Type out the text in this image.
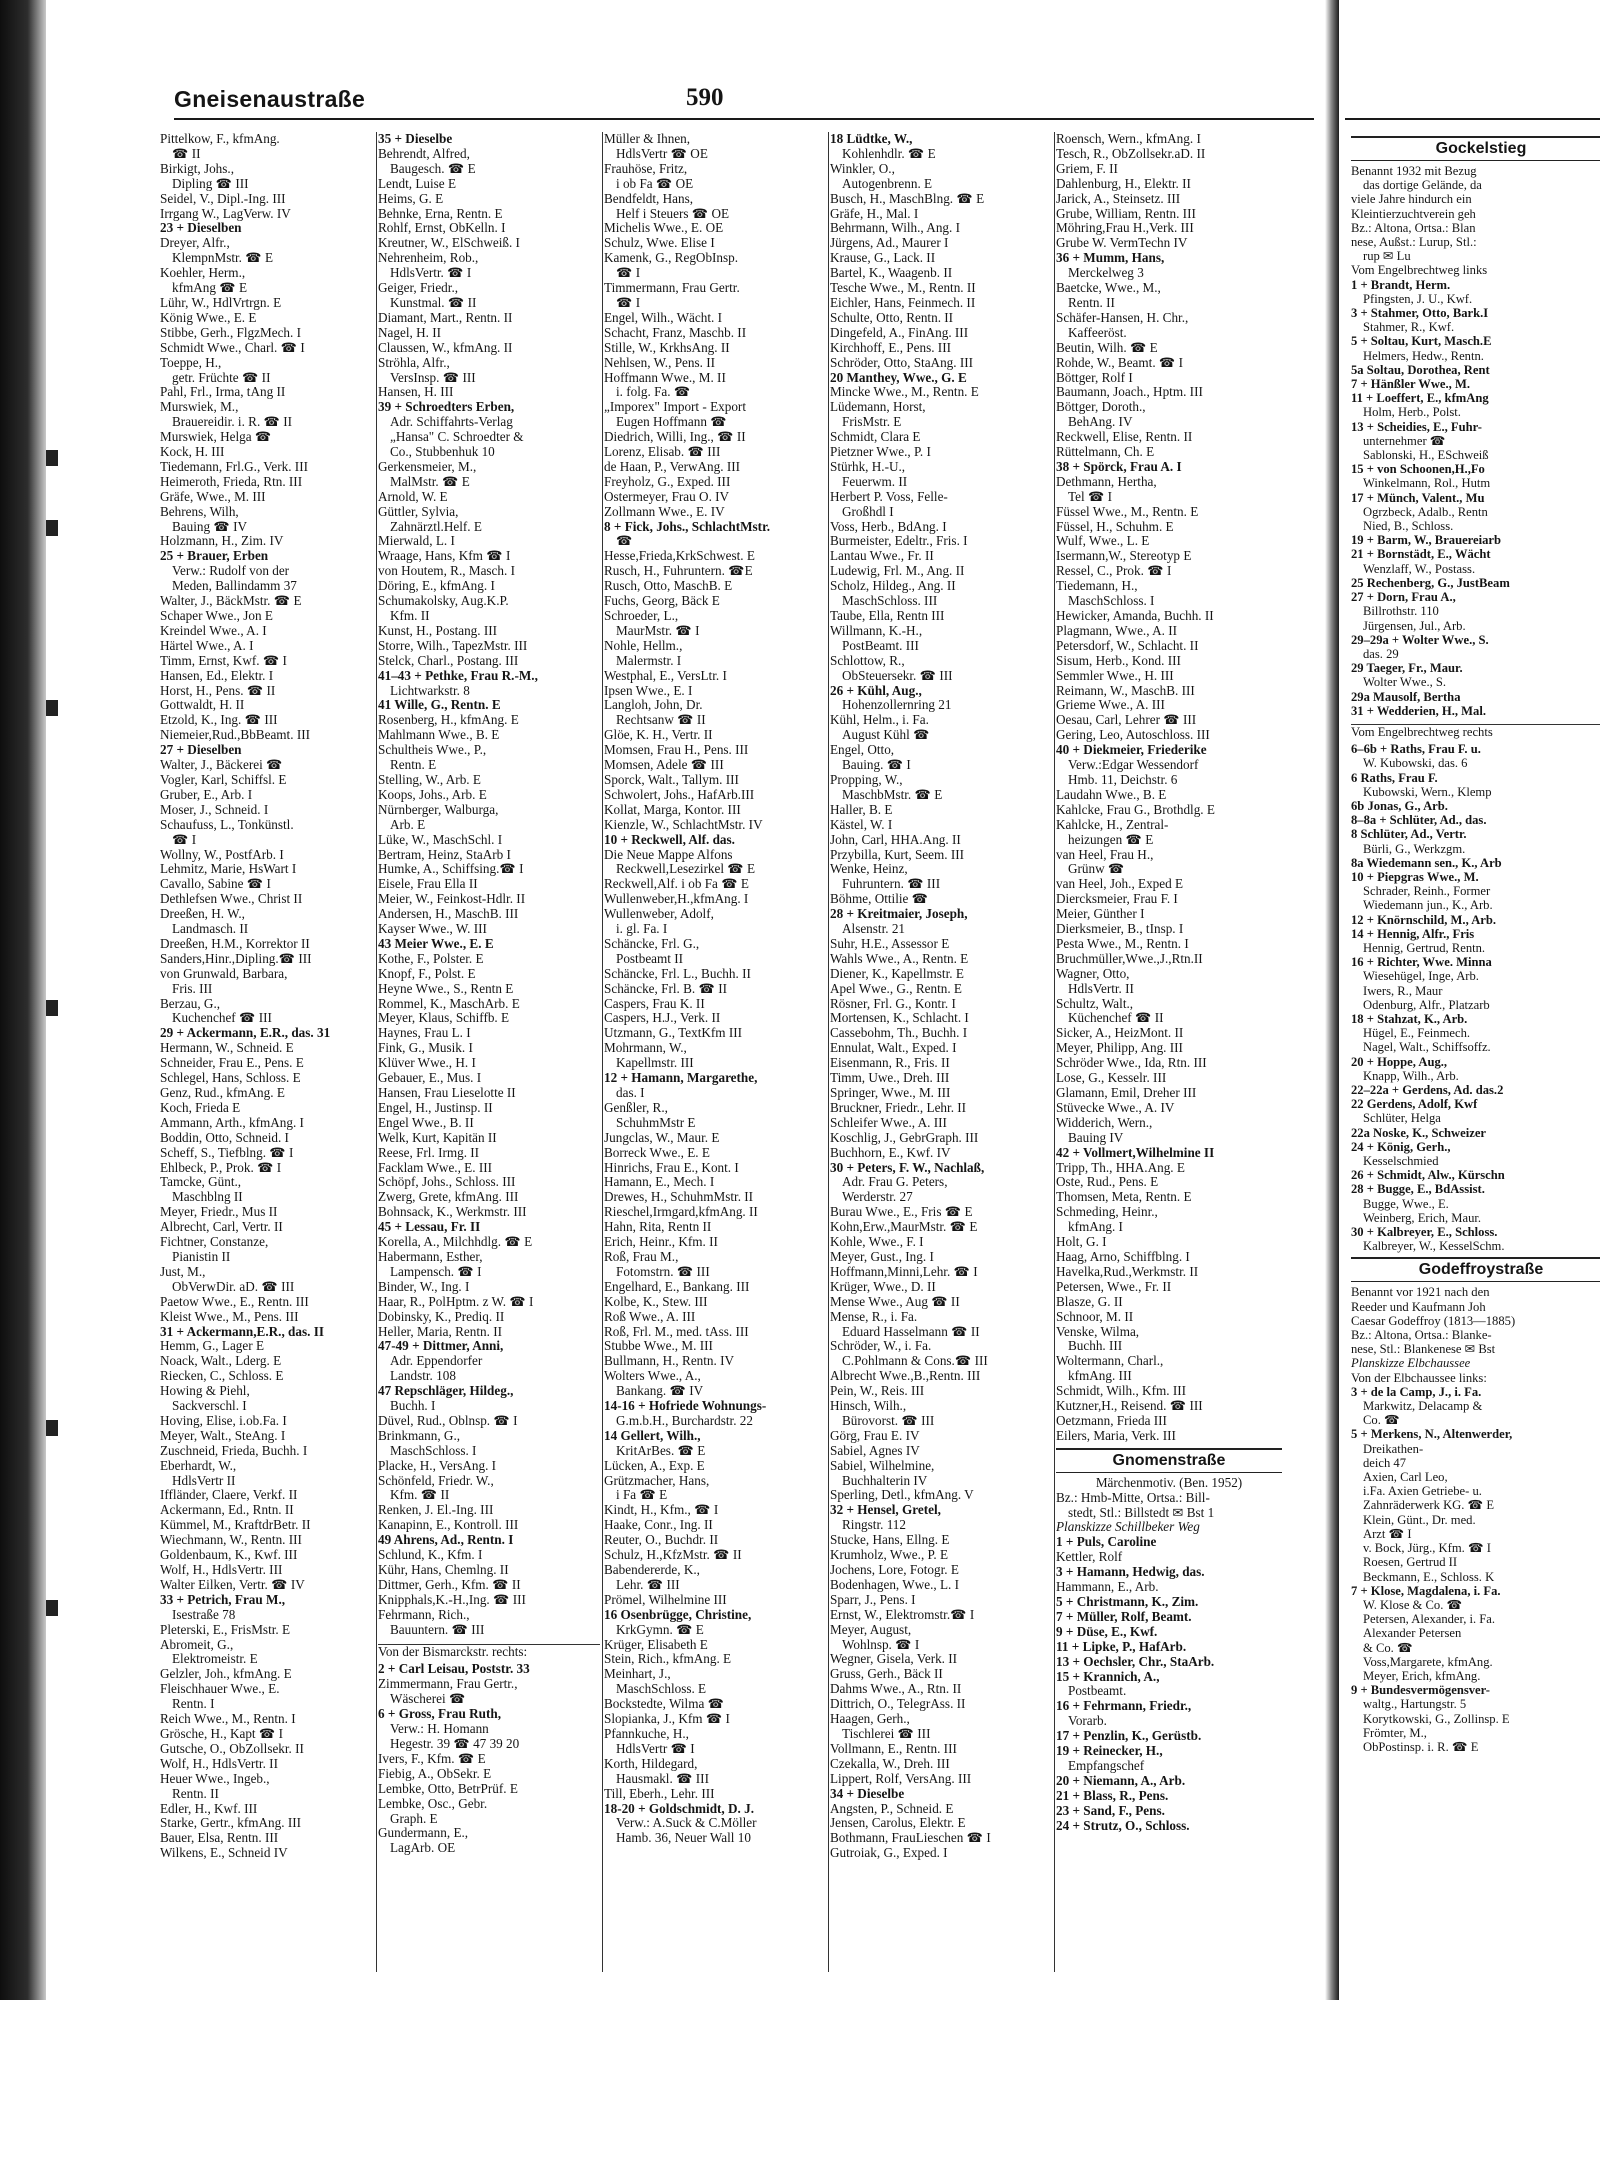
Gneisenaustraße	590
Pittelkow, F., kfmAng.
☎ II
Birkigt, Johs.,
Dipling ☎ III
Seidel, V., Dipl.-Ing. III
Irrgang W., LagVerw. IV
23 + Dieselben
Dreyer, Alfr.,
KlempnMstr. ☎ E
Koehler, Herm.,
kfmAng ☎ E
Lühr, W., HdlVrtrgn. E
König Wwe., E. E
Stibbe, Gerh., FlgzMech. I
Schmidt Wwe., Charl. ☎ I
Toeppe, H.,
getr. Früchte ☎ II
Pahl, Frl., Irma, tAng II
Murswiek, M.,
Brauereidir. i. R. ☎ II
Murswiek, Helga ☎
Kock, H. III
Tiedemann, Frl.G., Verk. III
Heimeroth, Frieda, Rtn. III
Gräfe, Wwe., M. III
Behrens, Wilh,
Bauing ☎ IV
Holzmann, H., Zim. IV
25 + Brauer, Erben
Verw.: Rudolf von der
Meden, Ballindamm 37
Walter, J., BäckMstr. ☎ E
Schaper Wwe., Jon E
Kreindel Wwe., A. I
Härtel Wwe., A. I
Timm, Ernst, Kwf. ☎ I
Hansen, Ed., Elektr. I
Horst, H., Pens. ☎ II
Gottwaldt, H. II
Etzold, K., Ing. ☎ III
Niemeier,Rud.,BbBeamt. III
27 + Dieselben
Walter, J., Bäckerei ☎
Vogler, Karl, Schiffsl. E
Gruber, E., Arb. I
Moser, J., Schneid. I
Schaufuss, L., Tonkünstl.
☎ I
Wollny, W., PostfArb. I
Lehmitz, Marie, HsWart I
Cavallo, Sabine ☎ I
Dethlefsen Wwe., Christ II
Dreeßen, H. W.,
Landmasch. II
Dreeßen, H.M., Korrektor II
Sanders,Hinr.,Dipling.☎ III
von Grunwald, Barbara,
Fris. III
Berzau, G.,
Kuchenchef ☎ III
29 + Ackermann, E.R., das. 31
Hermann, W., Schneid. E
Schneider, Frau E., Pens. E
Schlegel, Hans, Schloss. E
Genz, Rud., kfmAng. E
Koch, Frieda E
Ammann, Arth., kfmAng. I
Boddin, Otto, Schneid. I
Scheff, S., Tiefblng. ☎ I
Ehlbeck, P., Prok. ☎ I
Tamcke, Günt.,
Maschblng II
Meyer, Friedr., Mus II
Albrecht, Carl, Vertr. II
Fichtner, Constanze,
Pianistin II
Just, M.,
ObVerwDir. aD. ☎ III
Paetow Wwe., E., Rentn. III
Kleist Wwe., M., Pens. III
31 + Ackermann,E.R., das. II
Hemm, G., Lager E
Noack, Walt., Lderg. E
Riecken, C., Schloss. E
Howing & Piehl,
Sackverschl. I
Hoving, Elise, i.ob.Fa. I
Meyer, Walt., SteAng. I
Zuschneid, Frieda, Buchh. I
Eberhardt, W.,
HdlsVertr II
Iffländer, Claere, Verkf. II
Ackermann, Ed., Rntn. II
Kümmel, M., KraftdrBetr. II
Wiechmann, W., Rentn. III
Goldenbaum, K., Kwf. III
Wolf, H., HdlsVertr. III
Walter Eilken, Vertr. ☎ IV
33 + Petrich, Frau M.,
Isestraße 78
Pleterski, E., FrisMstr. E
Abromeit, G.,
Elektromeistr. E
Gelzler, Joh., kfmAng. E
Fleischhauer Wwe., E.
Rentn. I
Reich Wwe., M., Rentn. I
Grösche, H., Kapt ☎ I
Gutsche, O., ObZollsekr. II
Wolf, H., HdlsVertr. II
Heuer Wwe., Ingeb.,
Rentn. II
Edler, H., Kwf. III
Starke, Gertr., kfmAng. III
Bauer, Elsa, Rentn. III
Wilkens, E., Schneid IV
35 + Dieselbe
Behrendt, Alfred,
Baugesch. ☎ E
Lendt, Luise E
Heims, G. E
Behnke, Erna, Rentn. E
Rohlf, Ernst, ObKelln. I
Kreutner, W., ElSchweiß. I
Nehrenheim, Rob.,
HdlsVertr. ☎ I
Geiger, Friedr.,
Kunstmal. ☎ II
Diamant, Mart., Rentn. II
Nagel, H. II
Claussen, W., kfmAng. II
Ströhla, Alfr.,
VersInsp. ☎ III
Hansen, H. III
39 + Schroedters Erben,
Adr. Schiffahrts-Verlag
„Hansa" C. Schroedter &
Co., Stubbenhuk 10
Gerkensmeier, M.,
MalMstr. ☎ E
Arnold, W. E
Güttler, Sylvia,
Zahnärztl.Helf. E
Mierwald, L. I
Wraage, Hans, Kfm ☎ I
von Houtem, R., Masch. I
Döring, E., kfmAng. I
Schumakolsky, Aug.K.P.
Kfm. II
Kunst, H., Postang. III
Storre, Wilh., TapezMstr. III
Stelck, Charl., Postang. III
41–43 + Pethke, Frau R.-M.,
Lichtwarkstr. 8
41 Wille, G., Rentn. E
Rosenberg, H., kfmAng. E
Mahlmann Wwe., B. E
Schultheis Wwe., P.,
Rentn. E
Stelling, W., Arb. E
Koops, Johs., Arb. E
Nürnberger, Walburga,
Arb. E
Lüke, W., MaschSchl. I
Bertram, Heinz, StaArb I
Humke, A., Schiffsing.☎ I
Eisele, Frau Ella II
Meier, W., Feinkost-Hdlr. II
Andersen, H., MaschB. III
Kayser Wwe., W. III
43 Meier Wwe., E. E
Kothe, F., Polster. E
Knopf, F., Polst. E
Heyne Wwe., S., Rentn E
Rommel, K., MaschArb. E
Meyer, Klaus, Schiffb. E
Haynes, Frau L. I
Fink, G., Musik. I
Klüver Wwe., H. I
Gebauer, E., Mus. I
Hansen, Frau Lieselotte II
Engel, H., Justinsp. II
Engel Wwe., B. II
Welk, Kurt, Kapitän II
Reese, Frl. Irmg. II
Facklam Wwe., E. III
Schöpf, Johs., Schloss. III
Zwerg, Grete, kfmAng. III
Bohnsack, K., Werkmstr. III
45 + Lessau, Fr. II
Korella, A., Milchhdlg. ☎ E
Habermann, Esther,
Lampensch. ☎ I
Binder, W., Ing. I
Haar, R., PolHptm. z W. ☎ I
Dobinsky, K., Prediq. II
Heller, Maria, Rentn. II
47-49 + Dittmer, Anni,
Adr. Eppendorfer
Landstr. 108
47 Repschläger, Hildeg.,
Buchh. I
Düvel, Rud., Oblnsp. ☎ I
Brinkmann, G.,
MaschSchloss. I
Placke, H., VersAng. I
Schönfeld, Friedr. W.,
Kfm. ☎ II
Renken, J. El.-Ing. III
Kanapinn, E., Kontroll. III
49 Ahrens, Ad., Rentn. I
Schlund, K., Kfm. I
Kühr, Hans, Chemlng. II
Dittmer, Gerh., Kfm. ☎ II
Knipphals,K.-H.,Ing. ☎ III
Fehrmann, Rich.,
Bauuntern. ☎ III
Von der Bismarckstr. rechts:
2 + Carl Leisau, Poststr. 33
Zimmermann, Frau Gertr.,
Wäscherei ☎
6 + Gross, Frau Ruth,
Verw.: H. Homann
Hegestr. 39 ☎ 47 39 20
Ivers, F., Kfm. ☎ E
Fiebig, A., ObSekr. E
Lembke, Otto, BetrPrüf. E
Lembke, Osc., Gebr.
Graph. E
Gundermann, E.,
LagArb. OE
Müller & Ihnen,
HdlsVertr ☎ OE
Frauhöse, Fritz,
i ob Fa ☎ OE
Bendfeldt, Hans,
Helf i Steuers ☎ OE
Michelis Wwe., E. OE
Schulz, Wwe. Elise I
Kamenk, G., RegObInsp.
☎ I
Timmermann, Frau Gertr.
☎ I
Engel, Wilh., Wächt. I
Schacht, Franz, Maschb. II
Stille, W., KrkhsAng. II
Nehlsen, W., Pens. II
Hoffmann Wwe., M. II
i. folg. Fa. ☎
„Imporex" Import - Export
Eugen Hoffmann ☎
Diedrich, Willi, Ing., ☎ II
Lorenz, Elisab. ☎ III
de Haan, P., VerwAng. III
Freyholz, G., Exped. III
Ostermeyer, Frau O. IV
Zollmann Wwe., E. IV
8 + Fick, Johs., SchlachtMstr.
☎
Hesse,Frieda,KrkSchwest. E
Rusch, H., Fuhruntern. ☎E
Rusch, Otto, MaschB. E
Fuchs, Georg, Bäck E
Schroeder, L.,
MaurMstr. ☎ I
Nohle, Hellm.,
Malermstr. I
Westphal, E., VersLtr. I
Ipsen Wwe., E. I
Langloh, John, Dr.
Rechtsanw ☎ II
Glöe, K. H., Vertr. II
Momsen, Frau H., Pens. III
Momsen, Adele ☎ III
Sporck, Walt., Tallym. III
Schwolert, Johs., HafArb.III
Kollat, Marga, Kontor. III
Kienzle, W., SchlachtMstr. IV
10 + Reckwell, Alf. das.
Die Neue Mappe Alfons
Reckwell,Lesezirkel ☎ E
Reckwell,Alf. i ob Fa ☎ E
Wullenweber,H.,kfmAng. I
Wullenweber, Adolf,
i. gl. Fa. I
Schäncke, Frl. G.,
Postbeamt II
Schäncke, Frl. L., Buchh. II
Schäncke, Frl. B. ☎ II
Caspers, Frau K. II
Caspers, H.J., Verk. II
Utzmann, G., TextKfm III
Mohrmann, W.,
Kapellmstr. III
12 + Hamann, Margarethe,
das. I
Genßler, R.,
SchuhmMstr E
Jungclas, W., Maur. E
Borreck Wwe., E. E
Hinrichs, Frau E., Kont. I
Hamann, E., Mech. I
Drewes, H., SchuhmMstr. II
Rieschel,Irmgard,kfmAng. II
Hahn, Rita, Rentn II
Erich, Heinr., Kfm. II
Roß, Frau M.,
Fotomstrn. ☎ III
Engelhard, E., Bankang. III
Kolbe, K., Stew. III
Roß Wwe., A. III
Roß, Frl. M., med. tAss. III
Stubbe Wwe., M. III
Bullmann, H., Rentn. IV
Wolters Wwe., A.,
Bankang. ☎ IV
14-16 + Hofriede Wohnungs-
G.m.b.H., Burchardstr. 22
14 Gellert, Wilh.,
KritArBes. ☎ E
Lücken, A., Exp. E
Grützmacher, Hans,
i Fa ☎ E
Kindt, H., Kfm., ☎ I
Haake, Conr., Ing. II
Reuter, O., Buchdr. II
Schulz, H.,KfzMstr. ☎ II
Babendererde, K.,
Lehr. ☎ III
Prömel, Wilhelmine III
16 Osenbrügge, Christine,
KrkGymn. ☎ E
Krüger, Elisabeth E
Stein, Rich., kfmAng. E
Meinhart, J.,
MaschSchloss. E
Bockstedte, Wilma ☎
Slopianka, J., Kfm ☎ I
Pfannkuche, H.,
HdlsVertr ☎ I
Korth, Hildegard,
Hausmakl. ☎ III
Till, Eberh., Lehr. III
18-20 + Goldschmidt, D. J.
Verw.: A.Suck & C.Möller
Hamb. 36, Neuer Wall 10
18 Lüdtke, W.,
Kohlenhdlr. ☎ E
Winkler, O.,
Autogenbrenn. E
Busch, H., MaschBlng. ☎ E
Gräfe, H., Mal. I
Behrmann, Wilh., Ang. I
Jürgens, Ad., Maurer I
Krause, G., Lack. II
Bartel, K., Waagenb. II
Tesche Wwe., M., Rentn. II
Eichler, Hans, Feinmech. II
Schulte, Otto, Rentn. II
Dingefeld, A., FinAng. III
Kirchhoff, E., Pens. III
Schröder, Otto, StaAng. III
20 Manthey, Wwe., G. E
Mincke Wwe., M., Rentn. E
Lüdemann, Horst,
FrisMstr. E
Schmidt, Clara E
Pietzner Wwe., P. I
Stürhk, H.-U.,
Feuerwm. II
Herbert P. Voss, Felle-
Großhdl I
Voss, Herb., BdAng. I
Burmeister, Edeltr., Fris. I
Lantau Wwe., Fr. II
Ludewig, Frl. M., Ang. II
Scholz, Hildeg., Ang. II
MaschSchloss. III
Taube, Ella, Rentn III
Willmann, K.-H.,
PostBeamt. III
Schlottow, R.,
ObSteuersekr. ☎ III
26 + Kühl, Aug.,
Hohenzollernring 21
Kühl, Helm., i. Fa.
August Kühl ☎
Engel, Otto,
Bauing. ☎ I
Propping, W.,
MaschbMstr. ☎ E
Haller, B. E
Kästel, W. I
John, Carl, HHA.Ang. II
Przybilla, Kurt, Seem. III
Wenke, Heinz,
Fuhruntern. ☎ III
Böhme, Ottilie ☎
28 + Kreitmaier, Joseph,
Alsenstr. 21
Suhr, H.E., Assessor E
Wahls Wwe., A., Rentn. E
Diener, K., Kapellmstr. E
Apel Wwe., G., Rentn. E
Rösner, Frl. G., Kontr. I
Mortensen, K., Schlacht. I
Cassebohm, Th., Buchh. I
Ennulat, Walt., Exped. I
Eisenmann, R., Fris. II
Timm, Uwe., Dreh. III
Springer, Wwe., M. III
Bruckner, Friedr., Lehr. II
Schleifer Wwe., A. III
Koschlig, J., GebrGraph. III
Buchhorn, E., Kwf. IV
30 + Peters, F. W., Nachlaß,
Adr. Frau G. Peters,
Werderstr. 27
Burau Wwe., E., Fris ☎ E
Kohn,Erw.,MaurMstr. ☎ E
Kohle, Wwe., F. I
Meyer, Gust., Ing. I
Hoffmann,Minni,Lehr. ☎ I
Krüger, Wwe., D. II
Mense Wwe., Aug ☎ II
Mense, R., i. Fa.
Eduard Hasselmann ☎ II
Schröder, W., i. Fa.
C.Pohlmann & Cons.☎ III
Albrecht Wwe.,B.,Rentn. III
Pein, W., Reis. III
Hinsch, Wilh.,
Bürovorst. ☎ III
Görg, Frau E. IV
Sabiel, Agnes IV
Sabiel, Wilhelmine,
Buchhalterin IV
Sperling, Detl., kfmAng. V
32 + Hensel, Gretel,
Ringstr. 112
Stucke, Hans, Ellng. E
Krumholz, Wwe., P. E
Jochens, Lore, Fotogr. E
Bodenhagen, Wwe., L. I
Sparr, J., Pens. I
Ernst, W., Elektromstr.☎ I
Meyer, August,
Wohlnsp. ☎ I
Wegner, Gisela, Verk. II
Gruss, Gerh., Bäck II
Dahms Wwe., A., Rtn. II
Dittrich, O., TelegrAss. II
Haagen, Gerh.,
Tischlerei ☎ III
Vollmann, E., Rentn. III
Czekalla, W., Dreh. III
Lippert, Rolf, VersAng. III
34 + Dieselbe
Angsten, P., Schneid. E
Jensen, Carolus, Elektr. E
Bothmann, FrauLieschen ☎ I
Gutroiak, G., Exped. I
Roensch, Wern., kfmAng. I
Tesch, R., ObZollsekr.aD. II
Griem, F. II
Dahlenburg, H., Elektr. II
Jarick, A., Steinsetz. III
Grube, William, Rentn. III
Möhring,Frau H.,Verk. III
Grube W. VermTechn IV
36 + Mumm, Hans,
Merckelweg 3
Baetcke, Wwe., M.,
Rentn. II
Schäfer-Hansen, H. Chr.,
Kaffeeröst.
Beutin, Wilh. ☎ E
Rohde, W., Beamt. ☎ I
Böttger, Rolf I
Baumann, Joach., Hptm. III
Böttger, Doroth.,
BehAng. IV
Reckwell, Elise, Rentn. II
Rüttelmann, Ch. E
38 + Spörck, Frau A. I
Dethmann, Hertha,
Tel ☎ I
Füssel Wwe., M., Rentn. E
Füssel, H., Schuhm. E
Wulf, Wwe., L. E
Isermann,W., Stereotyp E
Ressel, C., Prok. ☎ I
Tiedemann, H.,
MaschSchloss. I
Hewicker, Amanda, Buchh. II
Plagmann, Wwe., A. II
Petersdorf, W., Schlacht. II
Sisum, Herb., Kond. III
Semmler Wwe., H. III
Reimann, W., MaschB. III
Grieme Wwe., A. III
Oesau, Carl, Lehrer ☎ III
Gering, Leo, Autoschloss. III
40 + Diekmeier, Friederike
Verw.:Edgar Wessendorf
Hmb. 11, Deichstr. 6
Laudahn Wwe., B. E
Kahlcke, Frau G., Brothdlg. E
Kahlcke, H., Zentral-
heizungen ☎ E
van Heel, Frau H.,
Grünw ☎
van Heel, Joh., Exped E
Diercksmeier, Frau F. I
Meier, Günther I
Dierksmeier, B., tInsp. I
Pesta Wwe., M., Rentn. I
Bruchmüller,Wwe.,J.,Rtn.II
Wagner, Otto,
HdlsVertr. II
Schultz, Walt.,
Küchenchef ☎ II
Sicker, A., HeizMont. II
Meyer, Philipp, Ang. III
Schröder Wwe., Ida, Rtn. III
Lose, G., Kesselr. III
Glamann, Emil, Dreher III
Stüvecke Wwe., A. IV
Widderich, Wern.,
Bauing IV
42 + Vollmert,Wilhelmine II
Tripp, Th., HHA.Ang. E
Oste, Rud., Pens. E
Thomsen, Meta, Rentn. E
Schmeding, Heinr.,
kfmAng. I
Holt, G. I
Haag, Arno, Schiffblng. I
Havelka,Rud.,Werkmstr. II
Petersen, Wwe., Fr. II
Blasze, G. II
Schnoor, M. II
Venske, Wilma,
Buchh. III
Woltermann, Charl.,
kfmAng. III
Schmidt, Wilh., Kfm. III
Kutzner,H., Reisend. ☎ III
Oetzmann, Frieda III
Eilers, Maria, Verk. III
Gnomenstraße
Märchenmotiv. (Ben. 1952)
Bz.: Hmb-Mitte, Ortsa.: Bill-
stedt, Stl.: Billstedt ✉ Bst 1
Planskizze Schillbeker Weg
1 + Puls, Caroline
Kettler, Rolf
3 + Hamann, Hedwig, das.
Hammann, E., Arb.
5 + Christmann, K., Zim.
7 + Müller, Rolf, Beamt.
9 + Düse, E., Kwf.
11 + Lipke, P., HafArb.
13 + Oechsler, Chr., StaArb.
15 + Krannich, A.,
Postbeamt.
16 + Fehrmann, Friedr.,
Vorarb.
17 + Penzlin, K., Gerüstb.
19 + Reinecker, H.,
Empfangschef
20 + Niemann, A., Arb.
21 + Blass, R., Pens.
23 + Sand, F., Pens.
24 + Strutz, O., Schloss.
Gockelstieg
Benannt 1932 mit Bezug
das dortige Gelände, da
viele Jahre hindurch ein
Kleintierzuchtverein geh
Bz.: Altona, Ortsa.: Blan
nese, Außst.: Lurup, Stl.:
rup ✉ Lu
Vom Engelbrechtweg links
1 + Brandt, Herm.
Pfingsten, J. U., Kwf.
3 + Stahmer, Otto, Bark.I
Stahmer, R., Kwf.
5 + Soltau, Kurt, Masch.E
Helmers, Hedw., Rentn.
5a Soltau, Dorothea, Rent
7 + Hänßler Wwe., M.
11 + Loeffert, E., kfmAng
Holm, Herb., Polst.
13 + Scheidies, E., Fuhr-
unternehmer ☎
Sablonski, H., ESchweiß
15 + von Schoonen,H.,Fo
Winkelmann, Rol., Hutm
17 + Münch, Valent., Mu
Ogrzbeck, Adalb., Rentn
Nied, B., Schloss.
19 + Barm, W., Brauereiarb
21 + Bornstädt, E., Wächt
Wenzlaff, W., Postass.
25 Rechenberg, G., JustBeam
27 + Dorn, Frau A.,
Billrothstr. 110
Jürgensen, Jul., Arb.
29–29a + Wolter Wwe., S.
das. 29
29 Taeger, Fr., Maur.
Wolter Wwe., S.
29a Mausolf, Bertha
31 + Wedderien, H., Mal.
Vom Engelbrechtweg rechts
6–6b + Raths, Frau F. u.
W. Kubowski, das. 6
6 Raths, Frau F.
Kubowski, Wern., Klemp
6b Jonas, G., Arb.
8–8a + Schlüter, Ad., das.
8 Schlüter, Ad., Vertr.
Bürli, G., Werkzgm.
8a Wiedemann sen., K., Arb
10 + Piepgras Wwe., M.
Schrader, Reinh., Former
Wiedemann jun., K., Arb.
12 + Knörnschild, M., Arb.
14 + Hennig, Alfr., Fris
Hennig, Gertrud, Rentn.
16 + Richter, Wwe. Minna
Wiesehügel, Inge, Arb.
Iwers, R., Maur
Odenburg, Alfr., Platzarb
18 + Stahzat, K., Arb.
Hügel, E., Feinmech.
Nagel, Walt., Schiffsoffz.
20 + Hoppe, Aug.,
Knapp, Wilh., Arb.
22–22a + Gerdens, Ad. das.2
22 Gerdens, Adolf, Kwf
Schlüter, Helga
22a Noske, K., Schweizer
24 + König, Gerh.,
Kesselschmied
26 + Schmidt, Alw., Kürschn
28 + Bugge, E., BdAssist.
Bugge, Wwe., E.
Weinberg, Erich, Maur.
30 + Kalbreyer, E., Schloss.
Kalbreyer, W., KesselSchm.
Godeffroystraße
Benannt vor 1921 nach den
Reeder und Kaufmann Joh
Caesar Godeffroy (1813—1885)
Bz.: Altona, Ortsa.: Blanke-
nese, Stl.: Blankenese ✉ Bst
Planskizze Elbchaussee
Von der Elbchaussee links:
3 + de la Camp, J., i. Fa.
Markwitz, Delacamp &
Co. ☎
5 + Merkens, N., Altenwerder,
Dreikathen-
deich 47
Axien, Carl Leo,
i.Fa. Axien Getriebe- u.
Zahnräderwerk KG. ☎ E
Klein, Günt., Dr. med.
Arzt ☎ I
v. Bock, Jürg., Kfm. ☎ I
Roesen, Gertrud II
Beckmann, E., Schloss. K
7 + Klose, Magdalena, i. Fa.
W. Klose & Co. ☎
Petersen, Alexander, i. Fa.
Alexander Petersen
& Co. ☎
Voss,Margarete, kfmAng.
Meyer, Erich, kfmAng.
9 + Bundesvermögensver-
waltg., Hartungstr. 5
Korytkowski, G., Zollinsp. E
Frömter, M.,
ObPostinsp. i. R. ☎ E
